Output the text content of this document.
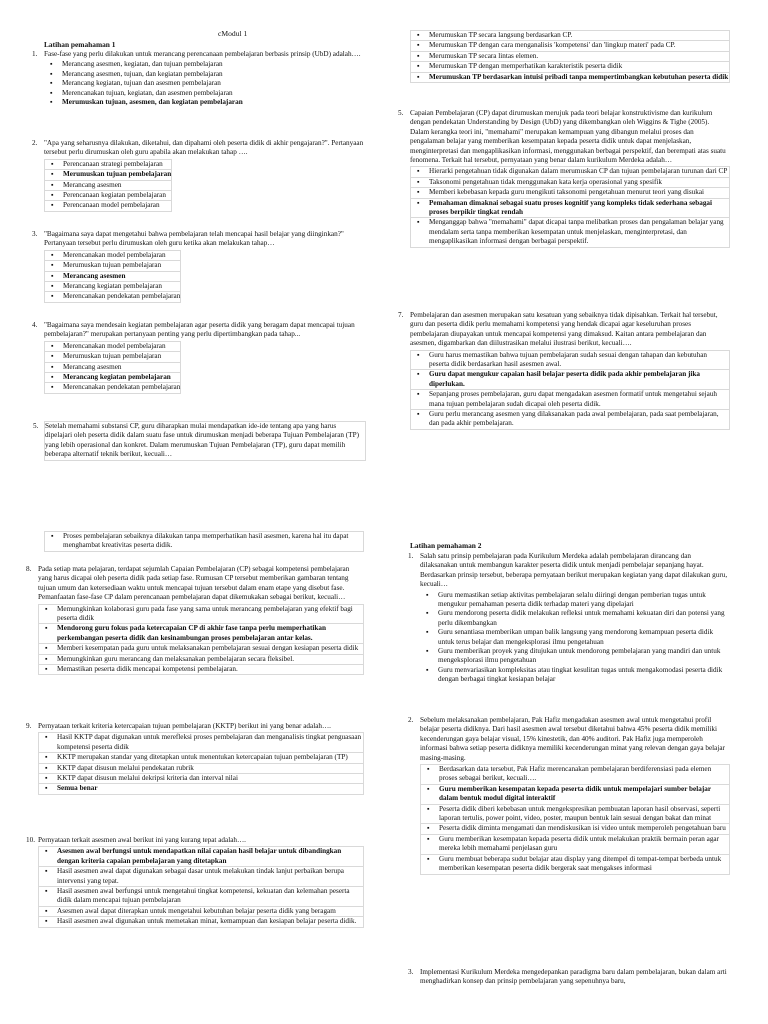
cModul 1
Latihan pemahaman 1
1. Fase-fase yang perlu dilakukan untuk merancang perencanaan pembelajaran berbasis prinsip (UbD) adalah….
▪ Merancang asesmen, kegiatan, dan tujuan pembelajaran
▪ Merancang asesmen, tujuan, dan kegiatan pembelajaran
▪ Merancang kegiatan, tujuan dan asesmen pembelajaran
▪ Merencanakan tujuan, kegiatan, dan asesmen pembelajaran
▪ Merumuskan tujuan, asesmen, dan kegiatan pembelajaran
2. "Apa yang seharusnya dilakukan, diketahui, dan dipahami oleh peserta didik di akhir pengajaran?". Pertanyaan tersebut perlu dirumuskan oleh guru apabila akan melakukan tahap ….
▪ Perencanaan strategi pembelajaran
▪ Merumuskan tujuan pembelajaran
▪ Merancang asesmen
▪ Perencanaan kegiatan pembelajaran
▪ Perencanaan model pembelajaran
3. "Bagaimana saya dapat mengetahui bahwa pembelajaran telah mencapai hasil belajar yang diinginkan?" Pertanyaan tersebut perlu dirumuskan oleh guru ketika akan melakukan tahap…
▪ Merencanakan model pembelajaran
▪ Merumuskan tujuan pembelajaran
▪ Merancang asesmen
▪ Merancang kegiatan pembelajaran
▪ Merencanakan pendekatan pembelajaran
4. "Bagaimana saya mendesain kegiatan pembelajaran agar peserta didik yang beragam dapat mencapai tujuan pembelajaran?" merupakan pertanyaan penting yang perlu dipertimbangkan pada tahap...
▪ Merencanakan model pembelajaran
▪ Merumuskan tujuan pembelajaran
▪ Merancang asesmen
▪ Merancang kegiatan pembelajaran
▪ Merencanakan pendekatan pembelajaran
5. Setelah memahami substansi CP, guru diharapkan mulai mendapatkan ide-ide tentang apa yang harus dipelajari oleh peserta didik dalam suatu fase untuk dirumuskan menjadi beberapa Tujuan Pembelajaran (TP) yang lebih operasional dan konkret. Dalam merumuskan Tujuan Pembelajaran (TP), guru dapat memilih beberapa alternatif teknik berikut, kecuali…
▪ Merumuskan TP secara langsung berdasarkan CP.
▪ Merumuskan TP dengan cara menganalisis 'kompetensi' dan 'lingkup materi' pada CP.
▪ Merumuskan TP secara lintas elemen.
▪ Merumuskan TP dengan memperhatikan karakteristik peserta didik
▪ Merumuskan TP berdasarkan intuisi pribadi tanpa mempertimbangkan kebutuhan peserta didik
5. Capaian Pembelajaran (CP) dapat dirumuskan merujuk pada teori belajar konstruktivisme dan kurikulum dengan pendekatan Understanding by Design (UbD) yang dikembangkan oleh Wiggins & Tighe (2005). Dalam kerangka teori ini, "memahami" merupakan kemampuan yang dibangun melalui proses dan pengalaman belajar yang memberikan kesempatan kepada peserta didik untuk dapat menjelaskan, menginterpretasi dan mengaplikasikan informasi, menggunakan berbagai perspektif, dan berempati atas suatu fenomena. Terkait hal tersebut, pernyataan yang benar dalam kurikulum Merdeka adalah…
▪ Hierarki pengetahuan tidak digunakan dalam merumuskan CP dan tujuan pembelajaran turunan dari CP
▪ Taksonomi pengetahuan tidak menggunakan kata kerja operasional yang spesifik
▪ Memberi kebebasan kepada guru mengikuti taksonomi pengetahuan menurut teori yang disukai
▪ Pemahaman dimaknai sebagai suatu proses kognitif yang kompleks tidak sederhana sebagai proses berpikir tingkat rendah
▪ Menganggap bahwa "memahami" dapat dicapai tanpa melibatkan proses dan pengalaman belajar yang mendalam serta tanpa memberikan kesempatan untuk menjelaskan, menginterpretasi, dan mengaplikasikan informasi dengan berbagai perspektif.
7. Pembelajaran dan asesmen merupakan satu kesatuan yang sebaiknya tidak dipisahkan. Terkait hal tersebut, guru dan peserta didik perlu memahami kompetensi yang hendak dicapai agar keseluruhan proses pembelajaran diupayakan untuk mencapai kompetensi yang dimaksud. Kaitan antara pembelajaran dan asesmen, digambarkan dan diilustrasikan melalui ilustrasi berikut, kecuali….
▪ Guru harus memastikan bahwa tujuan pembelajaran sudah sesuai dengan tahapan dan kebutuhan peserta didik berdasarkan hasil asesmen awal.
▪ Guru dapat mengukur capaian hasil belajar peserta didik pada akhir pembelajaran jika diperlukan.
▪ Sepanjang proses pembelajaran, guru dapat mengadakan asesmen formatif untuk mengetahui sejauh mana tujuan pembelajaran sudah dicapai oleh peserta didik.
▪ Guru perlu merancang asesmen yang dilaksanakan pada awal pembelajaran, pada saat pembelajaran, dan pada akhir pembelajaran.
▪ Proses pembelajaran sebaiknya dilakukan tanpa memperhatikan hasil asesmen, karena hal itu dapat menghambat kreativitas peserta didik.
8. Pada setiap mata pelajaran, terdapat sejumlah Capaian Pembelajaran (CP) sebagai kompetensi pembelajaran yang harus dicapai oleh peserta didik pada setiap fase. Rumusan CP tersebut memberikan gambaran tentang tujuan umum dan ketersediaan waktu untuk mencapai tujuan tersebut dalam enam etape yang disebut fase. Pemanfaatan fase-fase CP dalam perencanaan pembelajaran dapat dikemukakan sebagai berikut, kecuali…
▪ Memungkinkan kolaborasi guru pada fase yang sama untuk merancang pembelajaran yang efektif bagi peserta didik
▪ Mendorong guru fokus pada ketercapaian CP di akhir fase tanpa perlu memperhatikan perkembangan peserta didik dan kesinambungan proses pembelajaran antar kelas.
▪ Memberi kesempatan pada guru untuk melaksanakan pembelajaran sesuai dengan kesiapan peserta didik
▪ Memungkinkan guru merancang dan melaksanakan pembelajaran secara fleksibel.
▪ Memastikan peserta didik mencapai kompetensi pembelajaran.
9. Pernyataan terkait kriteria ketercapaian tujuan pembelajaran (KKTP) berikut ini yang benar adalah….
▪ Hasil KKTP dapat digunakan untuk merefleksi proses pembelajaran dan menganalisis tingkat penguasaan kompetensi peserta didik
▪ KKTP merupakan standar yang ditetapkan untuk menentukan ketercapaian tujuan pembelajaran (TP)
▪ KKTP dapat disusun melalui pendekatan rubrik
▪ KKTP dapat disusun melalui dekripsi kriteria dan interval nilai
▪ Semua benar
10. Pernyataan terkait asesmen awal berikut ini yang kurang tepat adalah….
▪ Asesmen awal berfungsi untuk mendapatkan nilai capaian hasil belajar untuk dibandingkan dengan kriteria capaian pembelajaran yang ditetapkan
▪ Hasil asesmen awal dapat digunakan sebagai dasar untuk melakukan tindak lanjut perbaikan berupa intervensi yang tepat.
▪ Hasil asesmen awal berfungsi untuk mengetahui tingkat kompetensi, kekuatan dan kelemahan peserta didik dalam mencapai tujuan pembelajaran
▪ Asesmen awal dapat diterapkan untuk mengetahui kebutuhan belajar peserta didik yang beragam
▪ Hasil asesmen awal digunakan untuk memetakan minat, kemampuan dan kesiapan belajar peserta didik.
Latihan pemahaman 2
1. Salah satu prinsip pembelajaran pada Kurikulum Merdeka adalah pembelajaran dirancang dan dilaksanakan untuk membangun karakter peserta didik untuk menjadi pembelajar sepanjang hayat. Berdasarkan prinsip tersebut, beberapa pernyataan berikut merupakan kegiatan yang dapat dilakukan guru, kecuali…
▪ Guru memastikan setiap aktivitas pembelajaran selalu diiringi dengan pemberian tugas untuk mengukur pemahaman peserta didik terhadap materi yang dipelajari
▪ Guru mendorong peserta didik melakukan refleksi untuk memahami kekuatan diri dan potensi yang perlu dikembangkan
▪ Guru senantiasa memberikan umpan balik langsung yang mendorong kemampuan peserta didik untuk terus belajar dan mengeksplorasi ilmu pengetahuan
▪ Guru memberikan proyek yang ditujukan untuk mendorong pembelajaran yang mandiri dan untuk mengeksplorasi ilmu pengetahuan
▪ Guru menvariasikan kompleksitas atau tingkat kesulitan tugas untuk mengakomodasi peserta didik dengan berbagai tingkat kesiapan belajar
2. Sebelum melaksanakan pembelajaran, Pak Hafiz mengadakan asesmen awal untuk mengetahui profil belajar peserta didiknya. Dari hasil asesmen awal tersebut diketahui bahwa 45% peserta didik memiliki kecenderungan gaya belajar visual, 15% kinestetik, dan 40% auditori. Pak Hafiz juga memperoleh informasi bahwa setiap peserta didiknya memiliki kecenderungan minat yang relevan dengan gaya belajar masing-masing.
▪ Berdasarkan data tersebut, Pak Hafiz merencanakan pembelajaran berdiferensiasi pada elemen proses sebagai berikut, kecuali….
▪ Guru memberikan kesempatan kepada peserta didik untuk mempelajari sumber belajar dalam bentuk modul digital interaktif
▪ Peserta didik diberi kebebasan untuk mengekspresikan pembuatan laporan hasil observasi, seperti laporan tertulis, power point, video, poster, maupun bentuk lain sesuai dengan bakat dan minat
▪ Peserta didik diminta mengamati dan mendiskusikan isi video untuk memperoleh pengetahuan baru
▪ Guru memberikan kesempatan kepada peserta didik untuk melakukan praktik bermain peran agar mereka lebih memahami penjelasan guru
▪ Guru membuat beberapa sudut belajar atau display yang ditempel di tempat-tempat berbeda untuk memberikan kesempatan peserta didik bergerak saat mengakses informasi
3. Implementasi Kurikulum Merdeka mengedepankan paradigma baru dalam pembelajaran, bukan dalam arti menghadirkan konsep dan prinsip pembelajaran yang sepenuhnya baru,
